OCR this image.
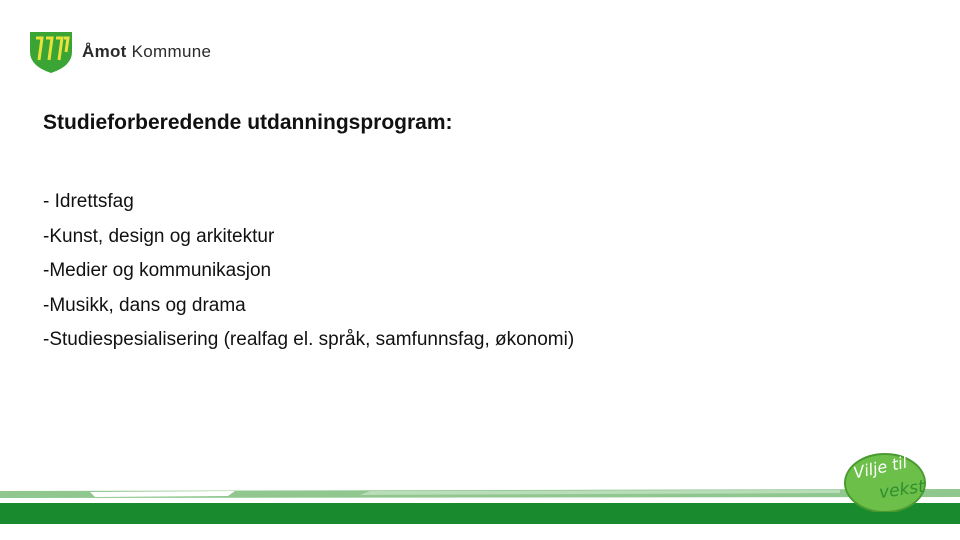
Åmot Kommune
Studieforberedende utdanningsprogram:
- Idrettsfag
-Kunst, design og arkitektur
-Medier og kommunikasjon
-Musikk, dans og drama
-Studiespesialisering (realfag el. språk, samfunnsfag, økonomi)
Vilje til
vekst
